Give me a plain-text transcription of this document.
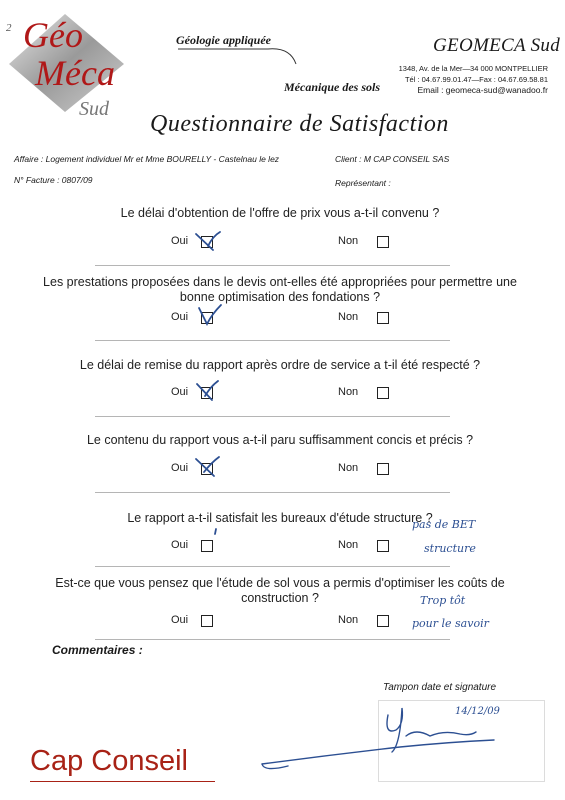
2 Géo
Méca
Sud
Géologie appliquée
Mécanique des sols
GEOMECA Sud
1348, Av. de la Mer—34 000 MONTPELLIER
Tél : 04.67.99.01.47—Fax : 04.67.69.58.81
Email : geomeca-sud@wanadoo.fr
Questionnaire de Satisfaction
Affaire : Logement individuel Mr et Mme BOURELLY - Castelnau le lez	Client : M CAP CONSEIL SAS
N° Facture : 0807/09	Représentant :
Le délai d'obtention de l'offre de prix vous a-t-il convenu ?
Oui	Non
Les prestations proposées dans le devis ont-elles été appropriées pour permettre une bonne optimisation des fondations ?
Oui	Non
Le délai de remise du rapport après ordre de service a t-il été respecté ?
Oui	Non
Le contenu du rapport vous a-t-il paru suffisamment concis et précis ?
Oui	Non
Le rapport a-t-il satisfait les bureaux d'étude structure ?
Oui	Non
pas de BET
structure
Est-ce que vous pensez que l'étude de sol vous a permis d'optimiser les coûts de construction ?
Oui	Non
Trop tôt
pour le savoir
Commentaires :
Tampon date et signature
14/12/09
Cap Conseil
